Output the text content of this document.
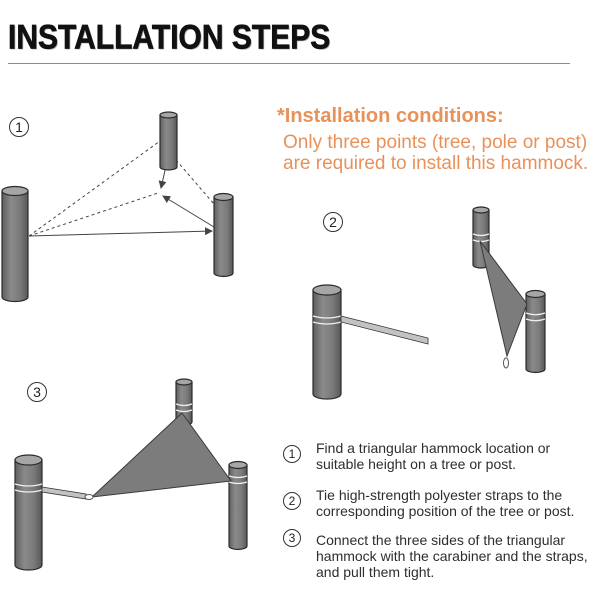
INSTALLATION STEPS
1
2
3
*Installation conditions:
Only three points (tree, pole or post)
are required to install this hammock.
1	Find a triangular hammock location or
suitable height on a tree or post.
2	Tie high-strength polyester straps to the
corresponding position of the tree or post.
3	Connect the three sides of the triangular
hammock with the carabiner and the straps,
and pull them tight.
